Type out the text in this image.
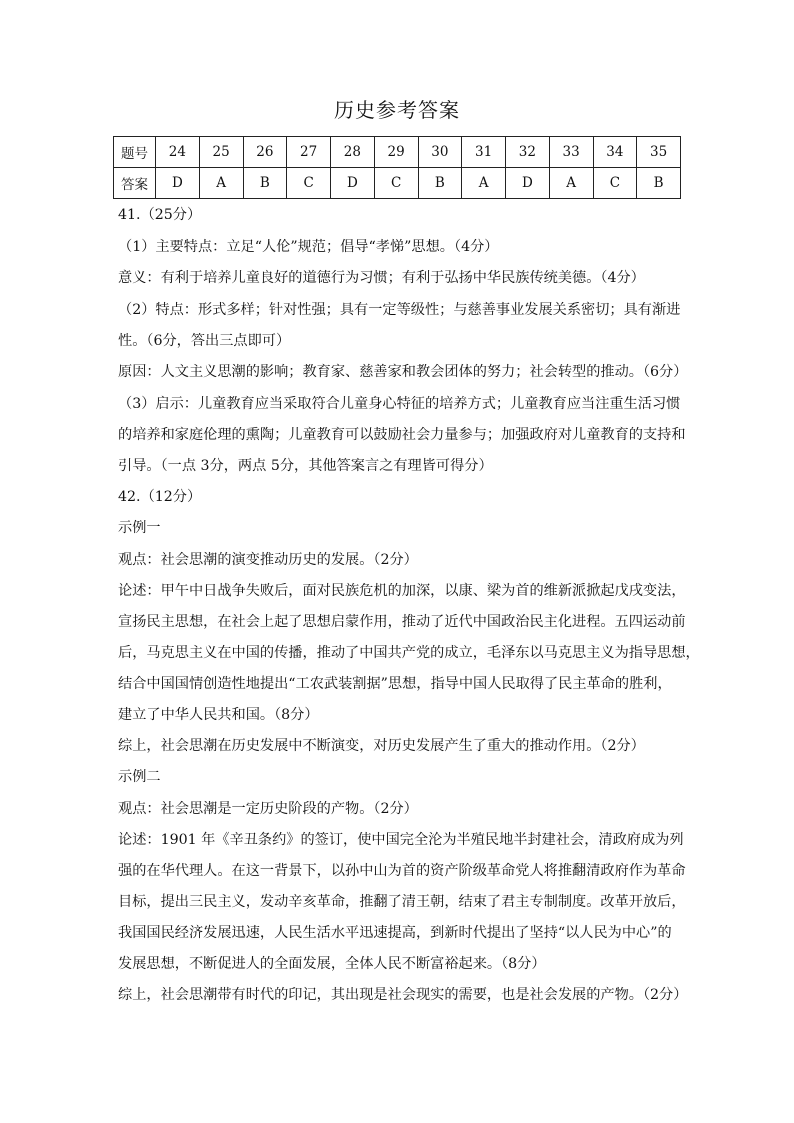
历史参考答案
题号	24	25	26	27	28	29	30	31	32	33	34	35
答案	D	A	B	C	D	C	B	A	D	A	C	B
41.（25分）
（1）主要特点：立足“人伦”规范；倡导“孝悌”思想。（4分）
意义：有利于培养儿童良好的道德行为习惯；有利于弘扬中华民族传统美德。（4分）
（2）特点：形式多样；针对性强；具有一定等级性；与慈善事业发展关系密切；具有渐进
性。（6分，答出三点即可）
原因：人文主义思潮的影响；教育家、慈善家和教会团体的努力；社会转型的推动。（6分）
（3）启示：儿童教育应当采取符合儿童身心特征的培养方式；儿童教育应当注重生活习惯
的培养和家庭伦理的熏陶；儿童教育可以鼓励社会力量参与；加强政府对儿童教育的支持和
引导。（一点 3分，两点 5分，其他答案言之有理皆可得分）
42.（12分）
示例一
观点：社会思潮的演变推动历史的发展。（2分）
论述：甲午中日战争失败后，面对民族危机的加深，以康、梁为首的维新派掀起戊戌变法，
宣扬民主思想，在社会上起了思想启蒙作用，推动了近代中国政治民主化进程。五四运动前
后，马克思主义在中国的传播，推动了中国共产党的成立，毛泽东以马克思主义为指导思想，
结合中国国情创造性地提出“工农武装割据”思想，指导中国人民取得了民主革命的胜利，
建立了中华人民共和国。（8分）
综上，社会思潮在历史发展中不断演变，对历史发展产生了重大的推动作用。（2分）
示例二
观点：社会思潮是一定历史阶段的产物。（2分）
论述：1901 年《辛丑条约》的签订，使中国完全沦为半殖民地半封建社会，清政府成为列
强的在华代理人。在这一背景下，以孙中山为首的资产阶级革命党人将推翻清政府作为革命
目标，提出三民主义，发动辛亥革命，推翻了清王朝，结束了君主专制制度。改革开放后，
我国国民经济发展迅速，人民生活水平迅速提高，到新时代提出了坚持“以人民为中心”的
发展思想，不断促进人的全面发展，全体人民不断富裕起来。（8分）
综上，社会思潮带有时代的印记，其出现是社会现实的需要，也是社会发展的产物。（2分）
